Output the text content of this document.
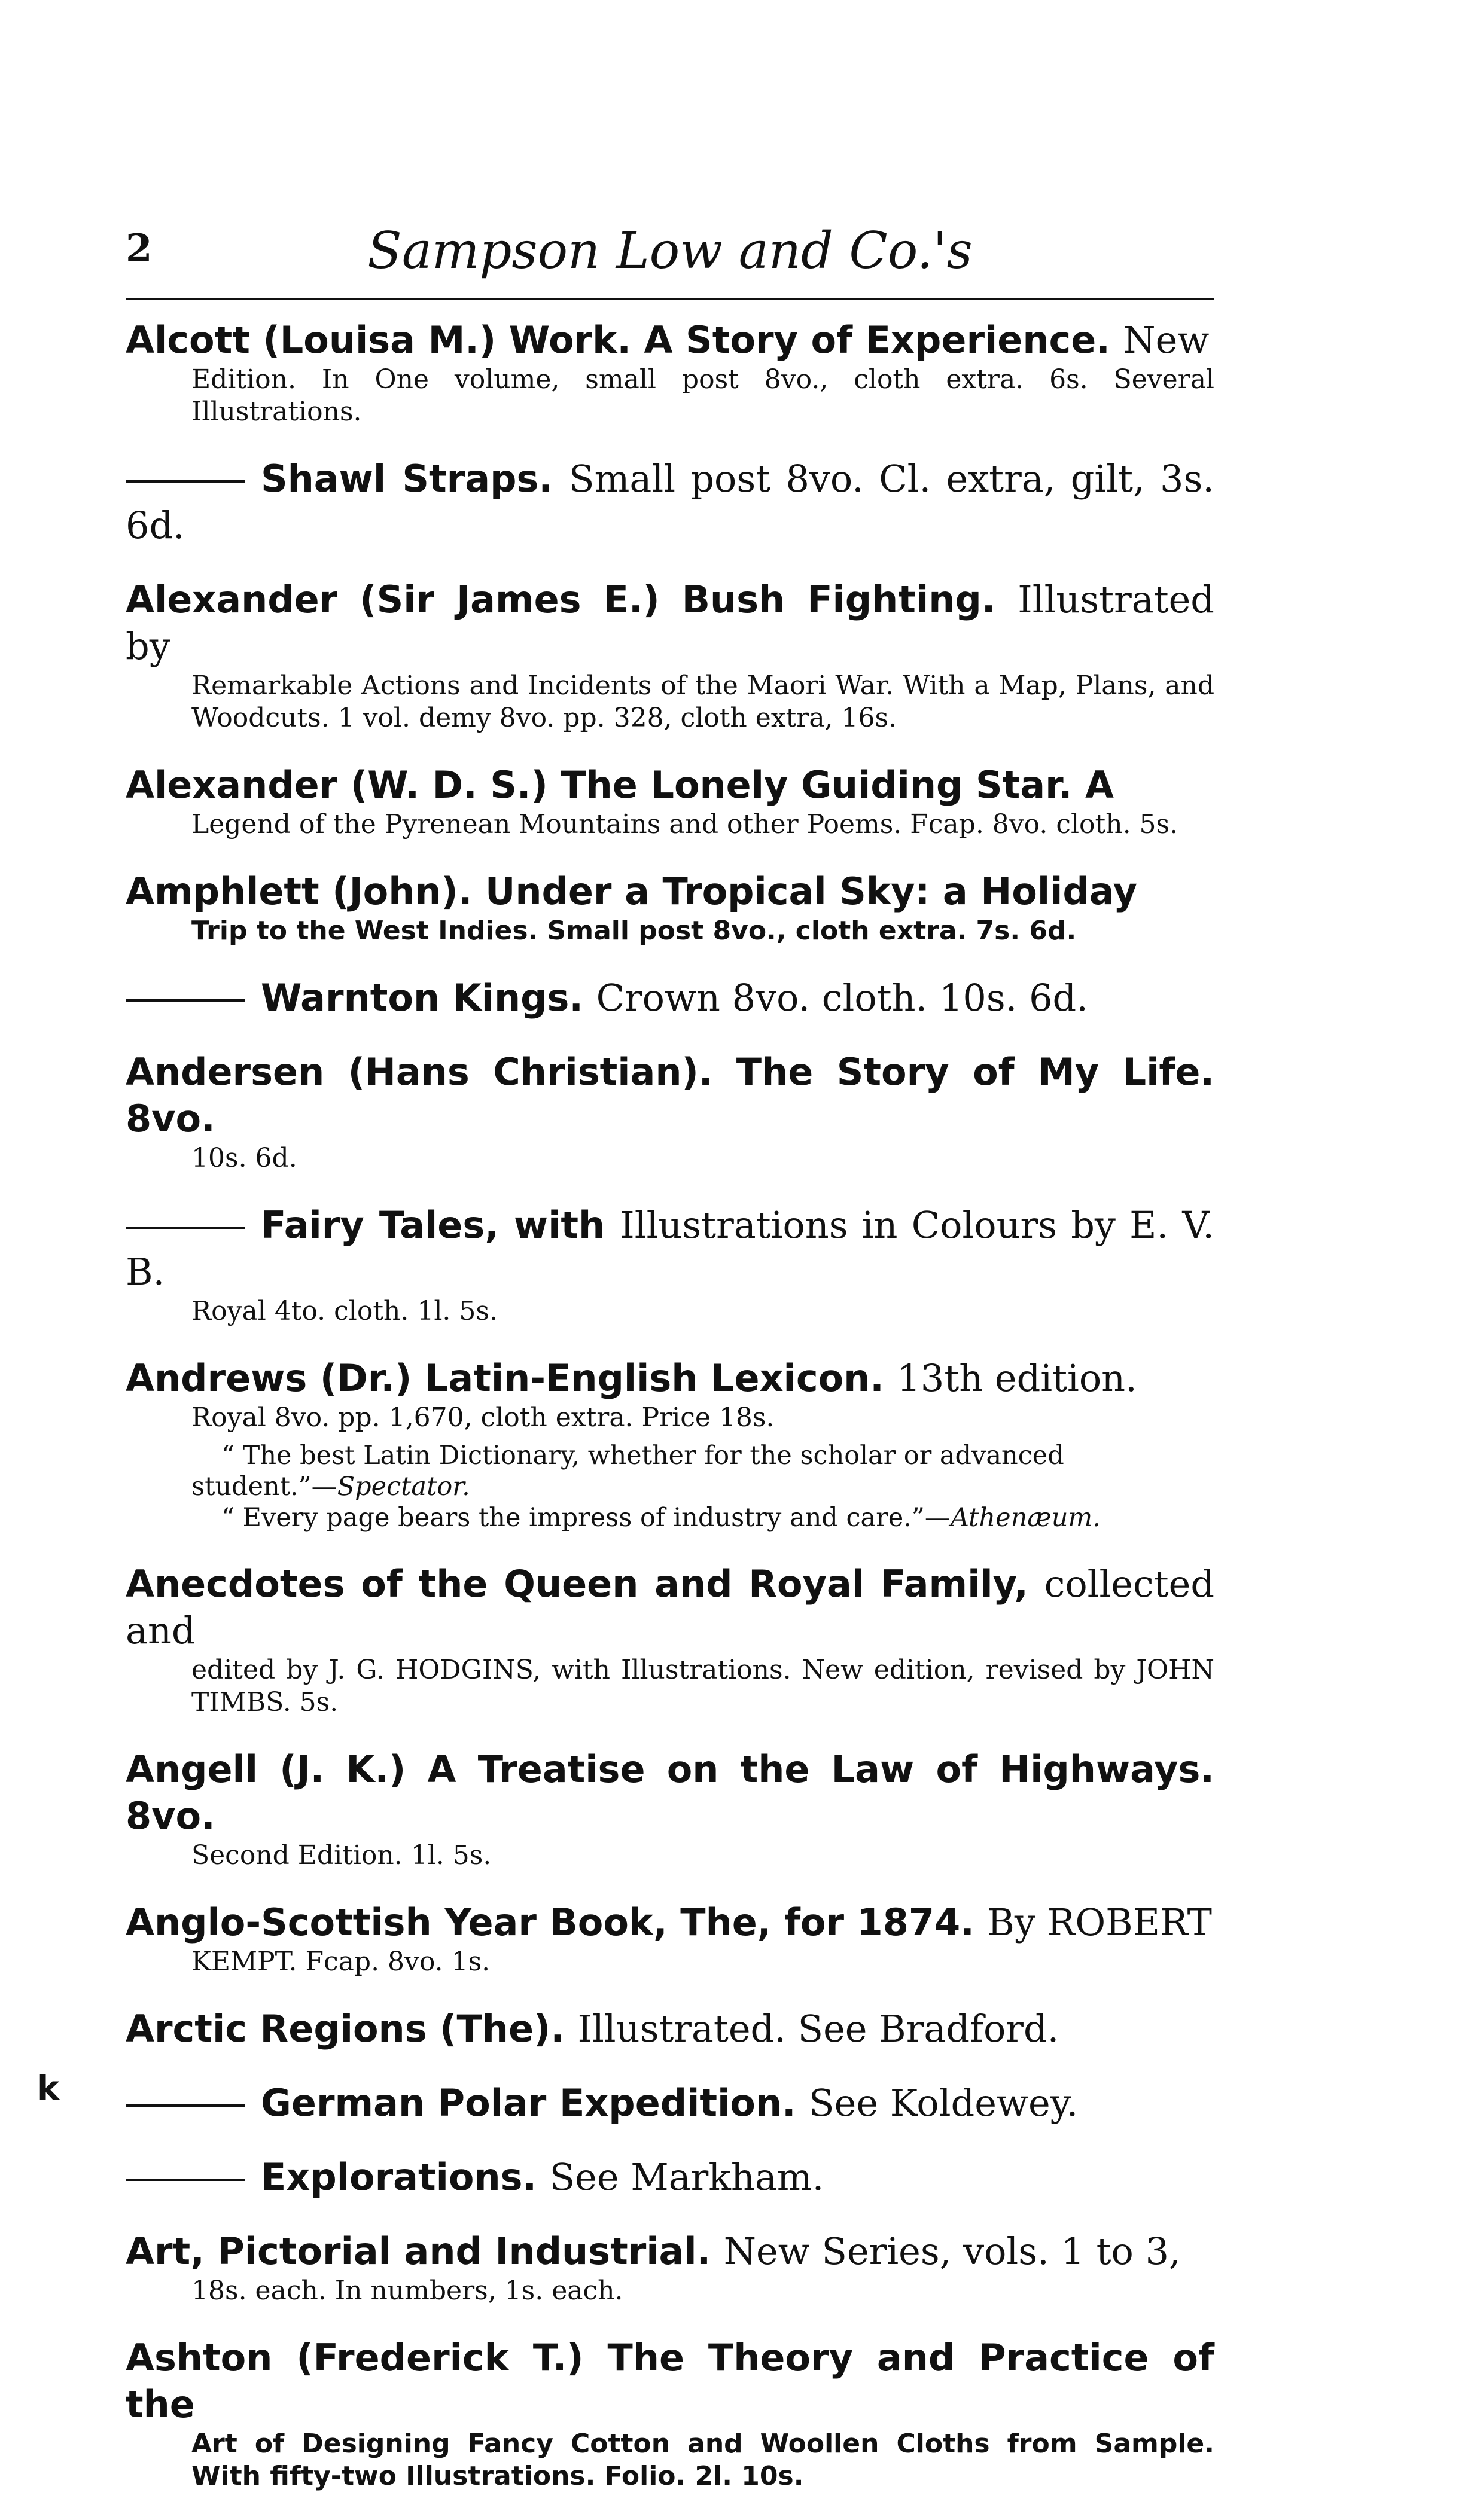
2	Sampson Low and Co.'s
Alcott (Louisa M.) Work. A Story of Experience. New
Edition. In One volume, small post 8vo., cloth extra. 6s. Several Illustrations.
Shawl Straps. Small post 8vo. Cl. extra, gilt, 3s. 6d.
Alexander (Sir James E.) Bush Fighting. Illustrated by
Remarkable Actions and Incidents of the Maori War. With a Map, Plans, and Woodcuts. 1 vol. demy 8vo. pp. 328, cloth extra, 16s.
Alexander (W. D. S.) The Lonely Guiding Star. A
Legend of the Pyrenean Mountains and other Poems. Fcap. 8vo. cloth. 5s.
Amphlett (John). Under a Tropical Sky: a Holiday
Trip to the West Indies. Small post 8vo., cloth extra. 7s. 6d.
Warnton Kings. Crown 8vo. cloth. 10s. 6d.
Andersen (Hans Christian). The Story of My Life. 8vo.
10s. 6d.
Fairy Tales, with Illustrations in Colours by E. V. B.
Royal 4to. cloth. 1l. 5s.
Andrews (Dr.) Latin-English Lexicon. 13th edition.
Royal 8vo. pp. 1,670, cloth extra. Price 18s.
“ The best Latin Dictionary, whether for the scholar or advanced student.”—Spectator.
“ Every page bears the impress of industry and care.”—Athenæum.
Anecdotes of the Queen and Royal Family, collected and
edited by J. G. HODGINS, with Illustrations. New edition, revised by JOHN TIMBS. 5s.
Angell (J. K.) A Treatise on the Law of Highways. 8vo.
Second Edition. 1l. 5s.
Anglo-Scottish Year Book, The, for 1874. By ROBERT
KEMPT. Fcap. 8vo. 1s.
Arctic Regions (The). Illustrated. See Bradford.
German Polar Expedition. See Koldewey.
Explorations. See Markham.
Art, Pictorial and Industrial. New Series, vols. 1 to 3,
18s. each. In numbers, 1s. each.
Ashton (Frederick T.) The Theory and Practice of the
Art of Designing Fancy Cotton and Woollen Cloths from Sample. With fifty-two Illustrations. Folio. 2l. 10s.
k
